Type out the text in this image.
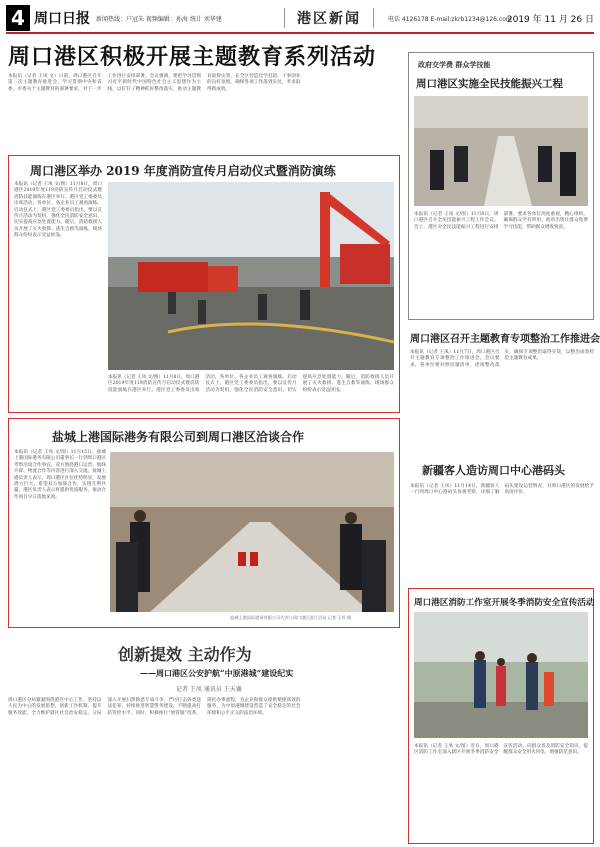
4 周口日报 新闻热线：户冠朱 视频编辑：孙海 统计 刘华建	港区新闻	电话 4126178 E-mail:zkrb1234@126.com
2019 年 11 月 26 日
周口港区积极开展主题教育系列活动
本报讯（记者 王凤 文）日前，周口港区召开第三次主题教育推进会，学习贯彻中央和省委、市委关于主题教育的部署要求，对下一步工作进行安排部署。会议强调，要把学习贯彻习近平新时代中国特色社会主义思想作为主线，以钉钉子精神抓好整改落实，推动主题教育取得实效，在全区营造比学赶超、干事创业的良好氛围，确保各项工作落到实处，务求取得新成效。
周口港区举办 2019 年度消防宣传月启动仪式暨消防演练
本报讯（记者 王凤 文/图）11月8日，周口港区2019年度119消防宣传月启动仪式暨消防技能演练在港区举行。港区党工委委员出席活动，各单位、各企业员工观看演练。启动仪式上，港区党工委委员指出，要以宣传月活动为契机，强化全民消防安全意识，切实提高应急处置能力。随后，消防救援人员开展了灭火救援、逃生自救等演练，现场群众纷纷表示受益匪浅。
本报讯（记者 王凤 文/图）11月8日，周口港区2019年度119消防宣传月启动仪式暨消防技能演练在港区举行。港区党工委委员出席活动，各单位、各企业员工观看演练。启动仪式上，港区党工委委员指出，要以宣传月活动为契机，强化全民消防安全意识，切实提高应急处置能力。随后，消防救援人员开展了灭火救援、逃生自救等演练，现场群众纷纷表示受益匪浅。
盐城上港国际港务有限公司到周口港区洽谈合作
本报讯（记者 王凤 文/图）11月15日，盐城上港国际港务有限公司董事长一行到周口港区考察洽谈合作事宜。双方围绕港口运营、航线开辟、物流合作等内容进行深入交流。盐城上港负责人表示，周口港区区位优势明显，发展潜力巨大，希望双方加强合作，实现互利共赢。港区负责人表示将提供优质服务，推动合作项目早日落地见效。
盐城上港国际港务有限公司代表与周口港区进行洽谈 记者 王凤 摄
创新提效 主动作为
——周口港区公安护航“中原港城”建设纪实
记者 王凤 通讯员 王天襄
周口港区分局紧紧围绕港区中心工作，坚持以人民为中心的发展思想，创新工作机制，提升服务效能，全力维护辖区社会治安稳定。分局深入开展扫黑除恶专项斗争，严厉打击各类违法犯罪，持续推进智慧警务建设，不断提高打防管控水平。同时，积极推行“放管服”改革，简化办事流程，为企业和群众提供便捷高效的服务，为中原港城建设营造了安全稳定的社会环境和公平正义的法治环境。
政府交学费 群众学技能
周口港区实施全民技能振兴工程
本报讯（记者 王凤 文/图）11月6日，周口港区召开全民技能振兴工程工作会议。会上，港区对全民技能振兴工程进行安排部署，要求各单位高度重视，精心组织，确保群众学有所用。政府出资让群众免费学习技能，帮助群众增收致富。
周口港区召开主题教育专项整治工作推进会
本报讯（记者 王凤）11月7日，周口港区召开主题教育专项整治工作推进会。会议要求，各单位要对照问题清单，逐项整改落实，确保专项整治取得实效，以整治成效检验主题教育成果。
新疆客人造访周口中心港码头
本报讯（记者 王凤）11月14日，新疆客人一行到周口中心港码头参观考察，详细了解码头建设运营情况，对周口港区的发展给予高度评价。
周口港区消防工作室开展冬季消防安全宣传活动
本报讯（记者 王凤 文/图）近日，周口港区消防工作室深入辖区开展冬季消防安全宣传活动，向群众普及消防安全知识，提醒群众安全用火用电，增强防范意识。
